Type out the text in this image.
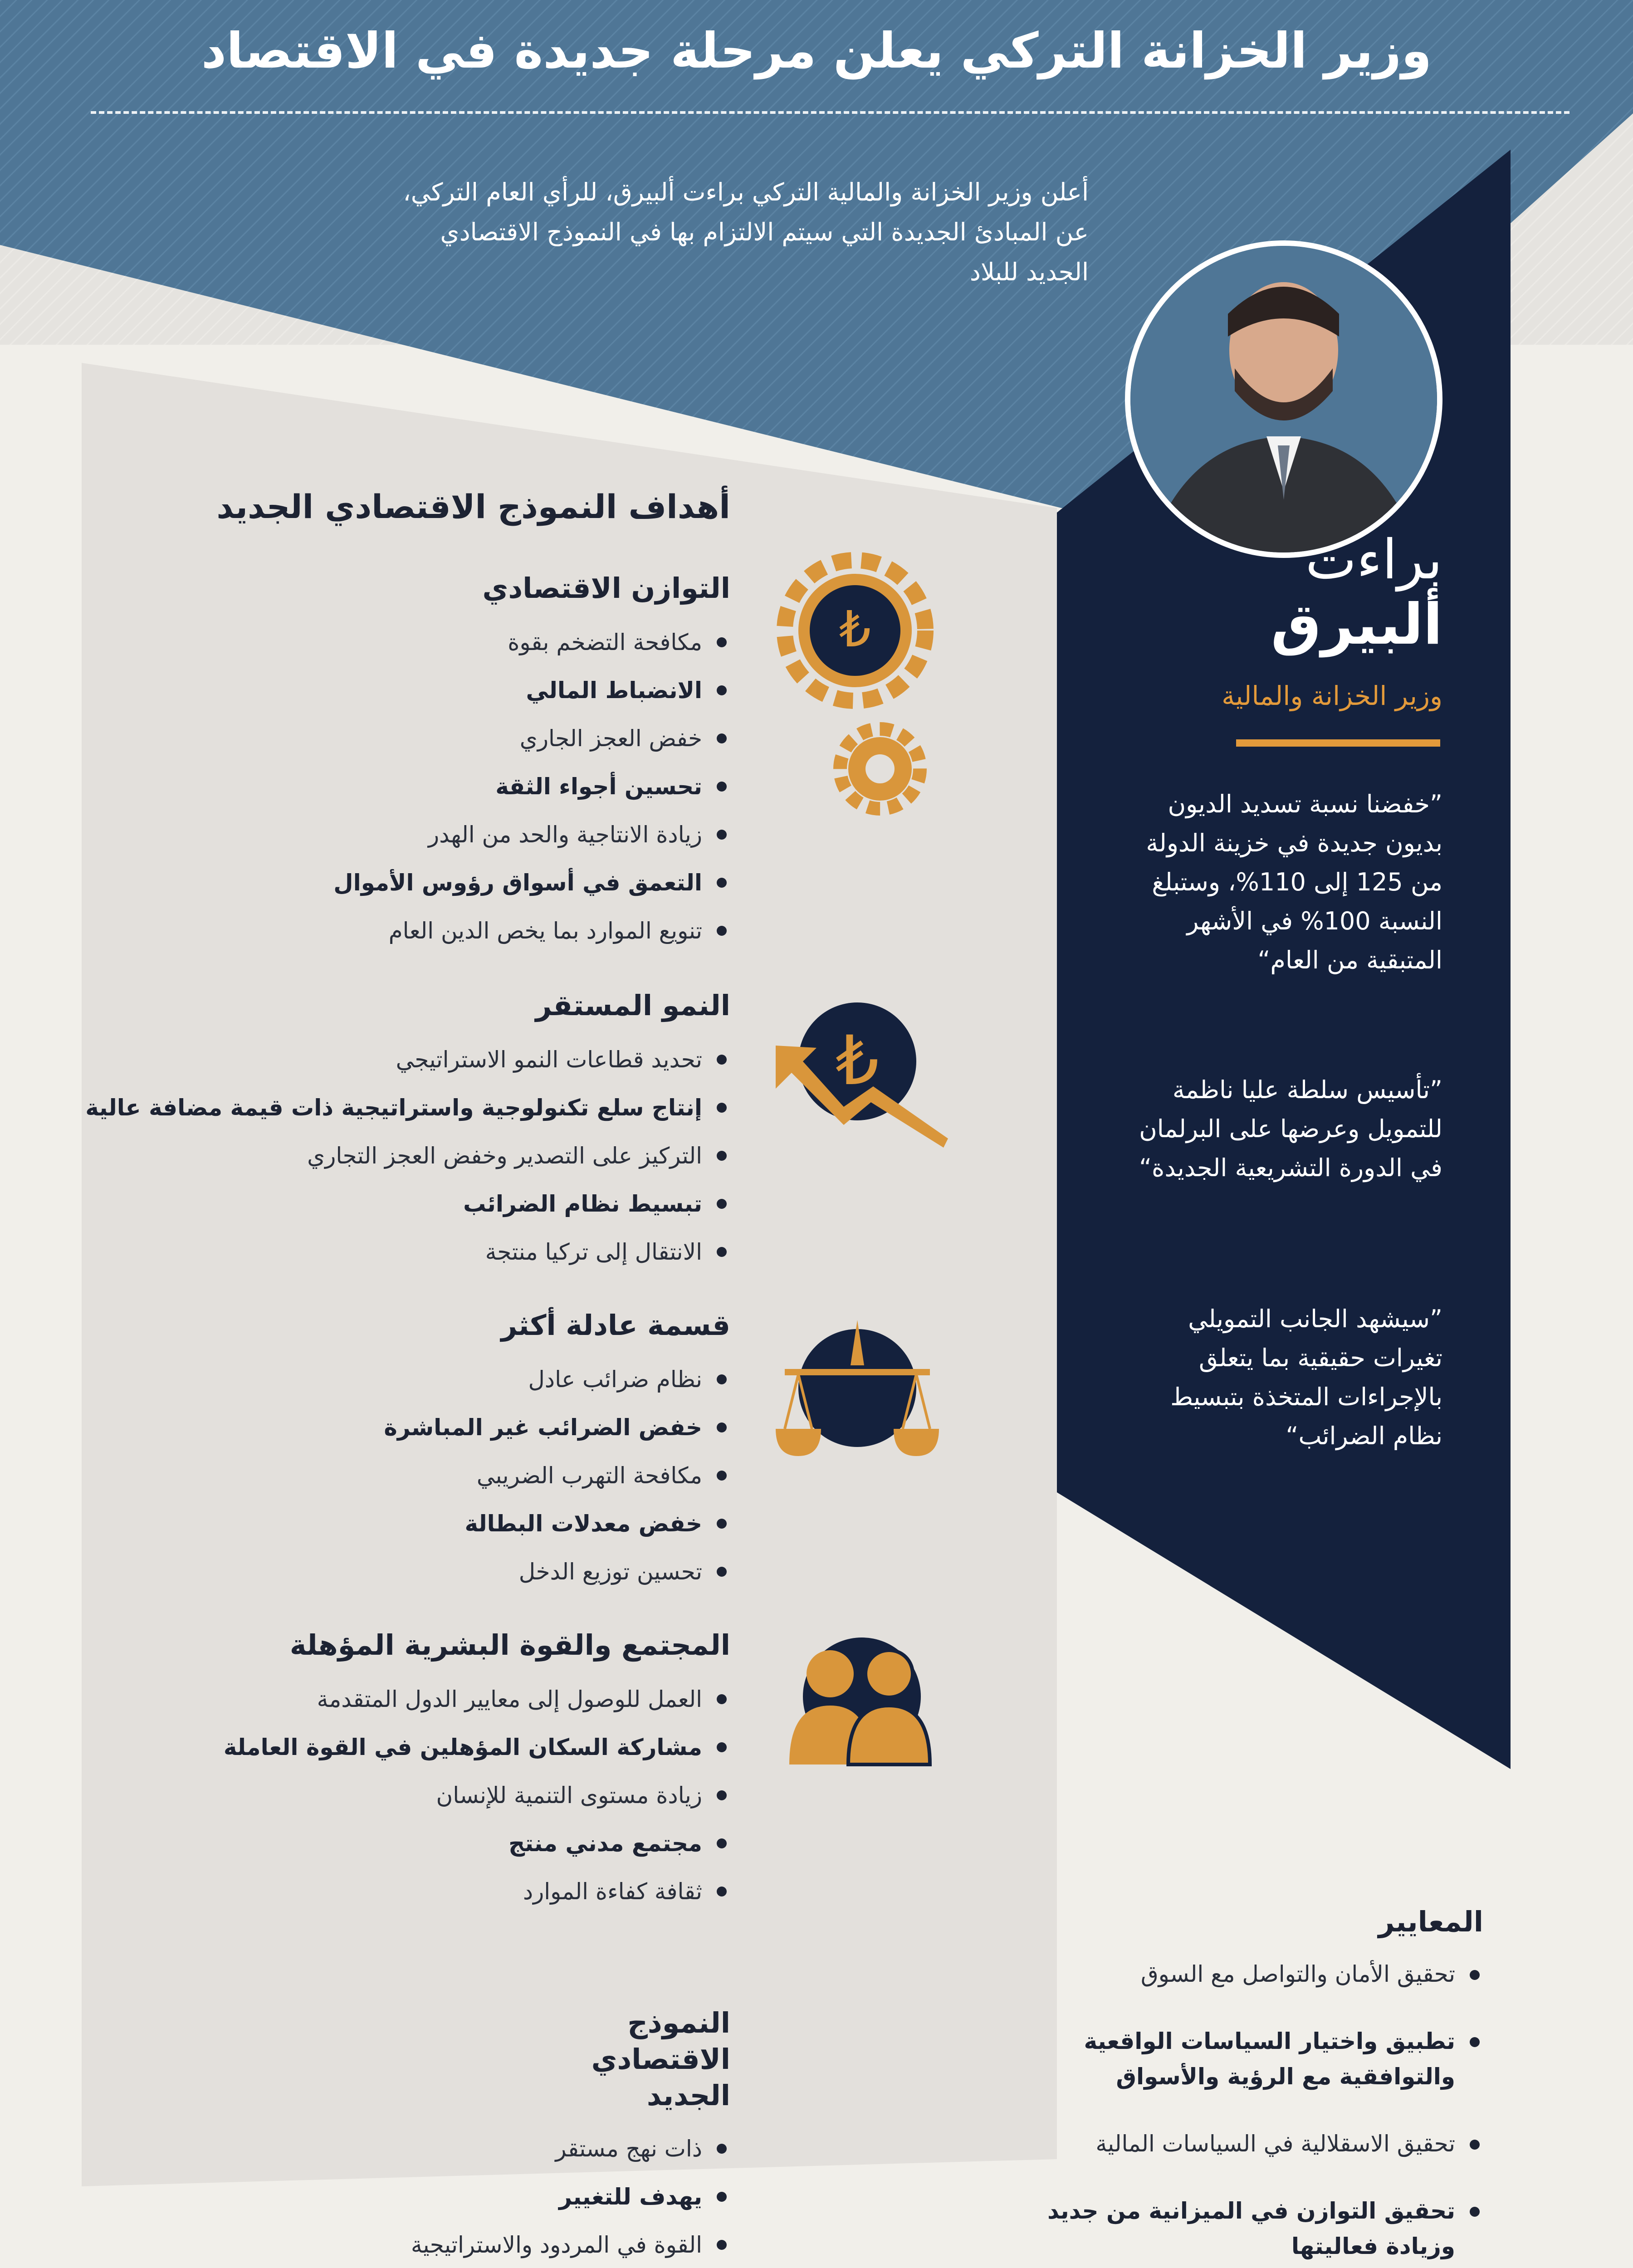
وزير الخزانة التركي يعلن مرحلة جديدة في الاقتصاد
أعلن وزير الخزانة والمالية التركي براءت ألبيرق، للرأي العام التركي، عن المبادئ الجديدة التي سيتم الالتزام بها في النموذج الاقتصادي الجديد للبلاد
براءت
ألبيرق
وزير الخزانة والمالية
”خفضنا نسبة تسديد الديون بديون جديدة في خزينة الدولة من 125 إلى 110%، وستبلغ النسبة 100% في الأشهر المتبقية من العام“
”تأسيس سلطة عليا ناظمة للتمويل وعرضها على البرلمان في الدورة التشريعية الجديدة“
”سيشهد الجانب التمويلي تغيرات حقيقية بما يتعلق بالإجراءات المتخذة بتبسيط نظام الضرائب“
أهداف النموذج الاقتصادي الجديد
التوازن الاقتصادي
مكافحة التضخم بقوة
الانضباط المالي
خفض العجز الجاري
تحسين أجواء الثقة
زيادة الانتاجية والحد من الهدر
التعمق في أسواق رؤوس الأموال
تنويع الموارد بما يخص الدين العام
النمو المستقر
تحديد قطاعات النمو الاستراتيجي
إنتاج سلع تكنولوجية واستراتيجية ذات قيمة مضافة عالية
التركيز على التصدير وخفض العجز التجاري
تبسيط نظام الضرائب
الانتقال إلى تركيا منتجة
قسمة عادلة أكثر
نظام ضرائب عادل
خفض الضرائب غير المباشرة
مكافحة التهرب الضريبي
خفض معدلات البطالة
تحسين توزيع الدخل
المجتمع والقوة البشرية المؤهلة
العمل للوصول إلى معايير الدول المتقدمة
مشاركة السكان المؤهلين في القوة العاملة
زيادة مستوى التنمية للإنسان
مجتمع مدني منتج
ثقافة كفاءة الموارد
₺
₺
النموذج
الاقتصادي
الجديد
ذات نهج مستقر
يهدف للتغيير
القوة في المردود والاستراتيجية
المعايير
تحقيق الأمان والتواصل مع السوق
تطبيق واختيار السياسات الواقعية والتوافقية مع الرؤية والأسواق
تحقيق الاسقلالية في السياسات المالية
تحقيق التوازن في الميزانية من جديد وزيادة فعاليتها
